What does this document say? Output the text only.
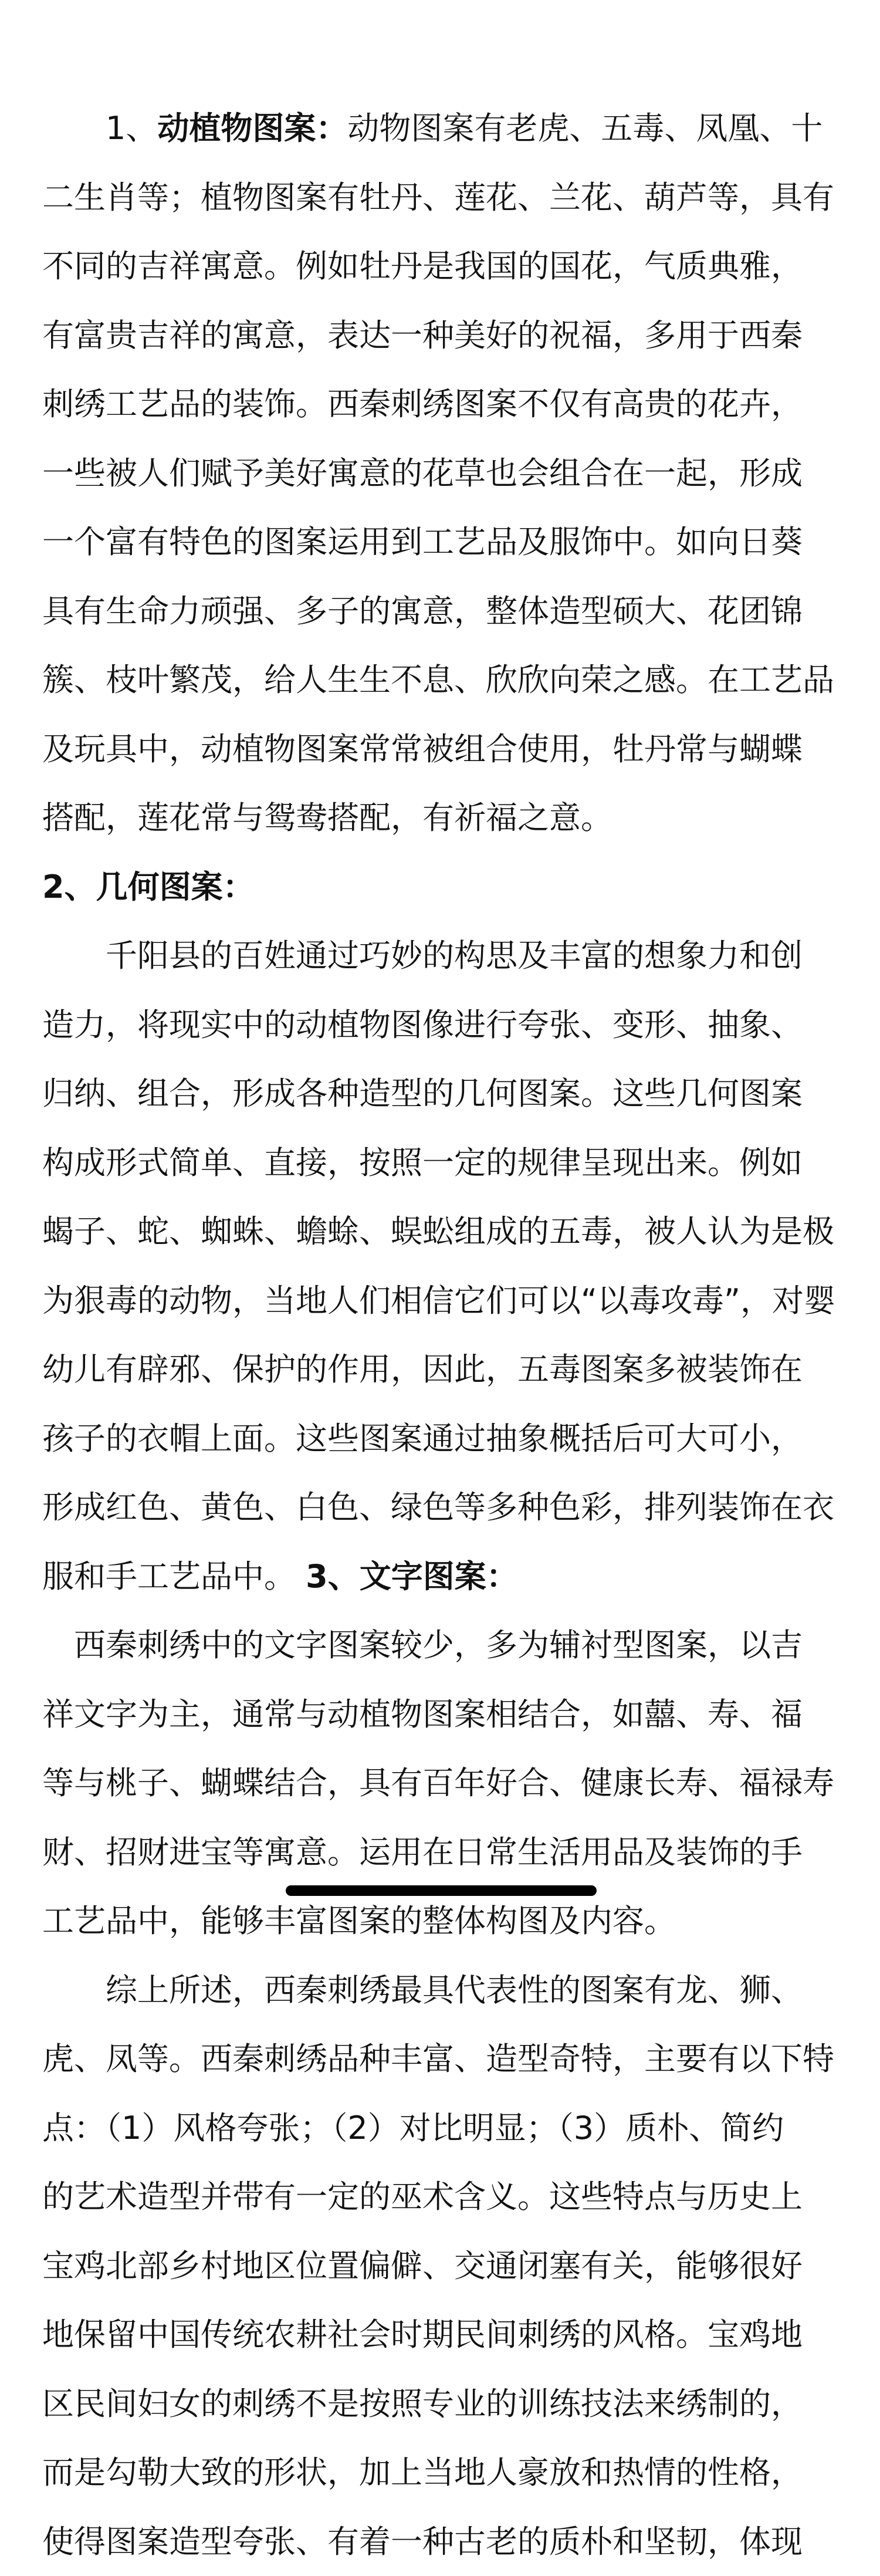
　　1、动植物图案：动物图案有老虎、五毒、凤凰、十
二生肖等；植物图案有牡丹、莲花、兰花、葫芦等，具有
不同的吉祥寓意。例如牡丹是我国的国花，气质典雅，
有富贵吉祥的寓意，表达一种美好的祝福，多用于西秦
刺绣工艺品的装饰。西秦刺绣图案不仅有高贵的花卉，
一些被人们赋予美好寓意的花草也会组合在一起，形成
一个富有特色的图案运用到工艺品及服饰中。如向日葵
具有生命力顽强、多子的寓意，整体造型硕大、花团锦
簇、枝叶繁茂，给人生生不息、欣欣向荣之感。在工艺品
及玩具中，动植物图案常常被组合使用，牡丹常与蝴蝶
搭配，莲花常与鸳鸯搭配，有祈福之意。
2、几何图案：
　　千阳县的百姓通过巧妙的构思及丰富的想象力和创
造力，将现实中的动植物图像进行夸张、变形、抽象、
归纳、组合，形成各种造型的几何图案。这些几何图案
构成形式简单、直接，按照一定的规律呈现出来。例如
蝎子、蛇、蜘蛛、蟾蜍、蜈蚣组成的五毒，被人认为是极
为狠毒的动物，当地人们相信它们可以“以毒攻毒”，对婴
幼儿有辟邪、保护的作用，因此，五毒图案多被装饰在
孩子的衣帽上面。这些图案通过抽象概括后可大可小，
形成红色、黄色、白色、绿色等多种色彩，排列装饰在衣
服和手工艺品中。 3、文字图案：
　西秦刺绣中的文字图案较少，多为辅衬型图案，以吉
祥文字为主，通常与动植物图案相结合，如囍、寿、福
等与桃子、蝴蝶结合，具有百年好合、健康长寿、福禄寿
财、招财进宝等寓意。运用在日常生活用品及装饰的手
工艺品中，能够丰富图案的整体构图及内容。
　　综上所述，西秦刺绣最具代表性的图案有龙、狮、
虎、凤等。西秦刺绣品种丰富、造型奇特，主要有以下特
点：（1）风格夸张；（2）对比明显；（3）质朴、简约
的艺术造型并带有一定的巫术含义。这些特点与历史上
宝鸡北部乡村地区位置偏僻、交通闭塞有关，能够很好
地保留中国传统农耕社会时期民间刺绣的风格。宝鸡地
区民间妇女的刺绣不是按照专业的训练技法来绣制的，
而是勾勒大致的形状，加上当地人豪放和热情的性格，
使得图案造型夸张、有着一种古老的质朴和坚韧，体现
